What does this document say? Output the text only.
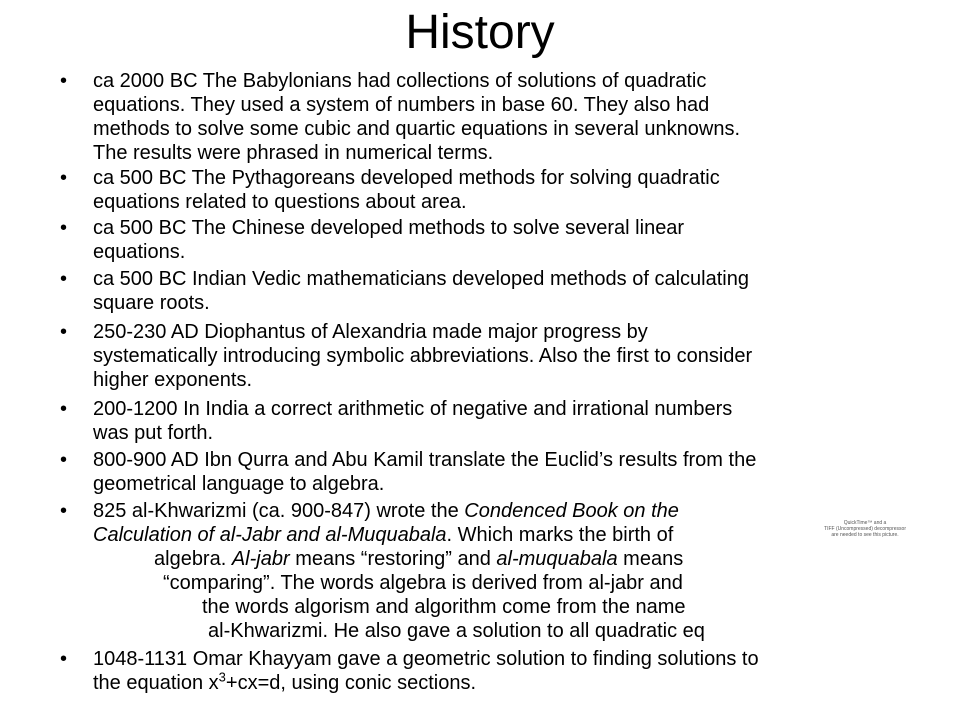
History
• ca 2000 BC The Babylonians had collections of solutions of quadratic
equations. They used a system of numbers in base 60. They also had
methods to solve some cubic and quartic equations in several unknowns.
The results were phrased in numerical terms.
• ca 500 BC The Pythagoreans developed methods for solving quadratic
equations related to questions about area.
• ca 500 BC The Chinese developed methods to solve several linear
equations.
• ca 500 BC Indian Vedic mathematicians developed methods of calculating
square roots.
• 250-230 AD Diophantus of Alexandria made major progress by
systematically introducing symbolic abbreviations. Also the first to consider
higher exponents.
• 200-1200 In India a correct arithmetic of negative and irrational numbers
was put forth.
• 800-900 AD Ibn Qurra and Abu Kamil translate the Euclid’s results from the
geometrical language to algebra.
• 825 al-Khwarizmi (ca. 900-847) wrote the Condenced Book on the
Calculation of al-Jabr and al-Muquabala. Which marks the birth of
algebra. Al-jabr means “restoring” and al-muquabala means
“comparing”. The words algebra is derived from al-jabr and
the words algorism and algorithm come from the name
al-Khwarizmi. He also gave a solution to all quadratic eq
• 1048-1131 Omar Khayyam gave a geometric solution to finding solutions to
the equation $x^3+cx=d$, using conic sections.
QuickTime™ and a
TIFF (Uncompressed) decompressor
are needed to see this picture.
